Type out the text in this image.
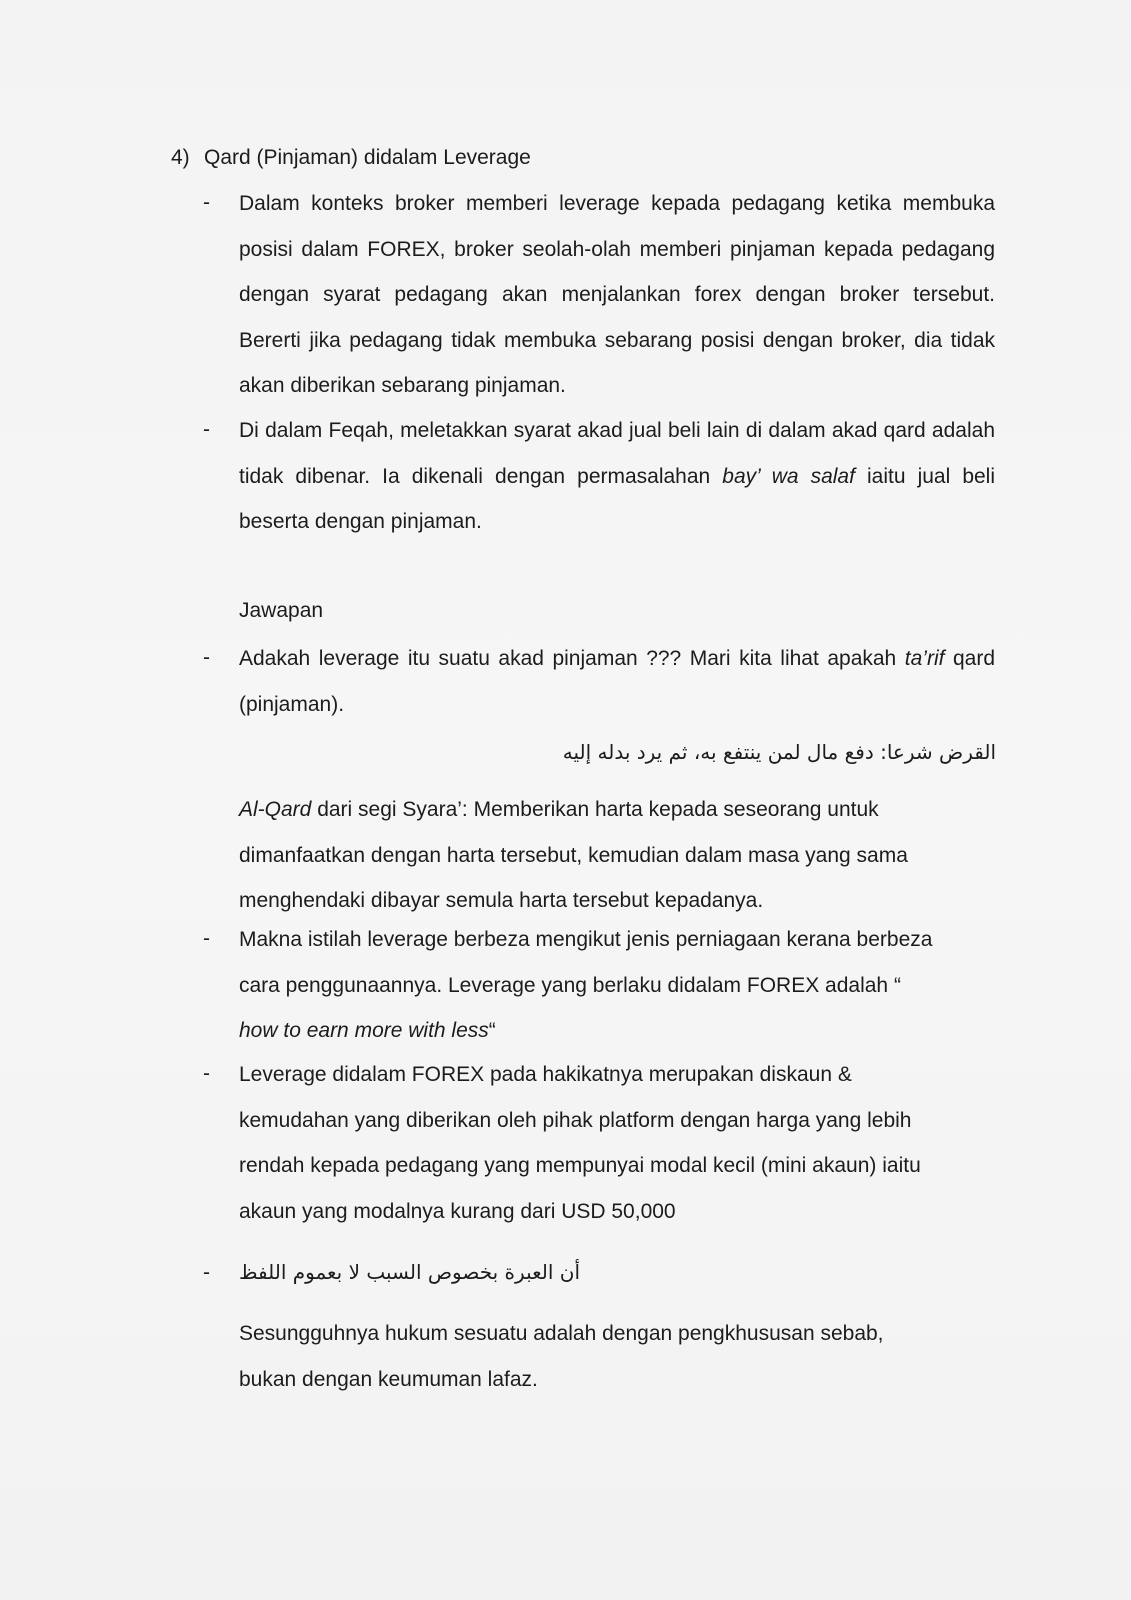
4) Qard (Pinjaman) didalam Leverage
- Dalam konteks broker memberi leverage kepada pedagang ketika membuka posisi dalam FOREX, broker seolah-olah memberi pinjaman kepada pedagang dengan syarat pedagang akan menjalankan forex dengan broker tersebut. Bererti jika pedagang tidak membuka sebarang posisi dengan broker, dia tidak akan diberikan sebarang pinjaman.

- Di dalam Feqah, meletakkan syarat akad jual beli lain di dalam akad qard adalah tidak dibenar. Ia dikenali dengan permasalahan bay’ wa salaf iaitu jual beli beserta dengan pinjaman.

Jawapan
- Adakah leverage itu suatu akad pinjaman ??? Mari kita lihat apakah ta’rif qard (pinjaman).

القرض شرعا: دفع مال لمن ينتفع به، ثم يرد بدله إليه

Al-Qard dari segi Syara’: Memberikan harta kepada seseorang untuk dimanfaatkan dengan harta tersebut, kemudian dalam masa yang sama menghendaki dibayar semula harta tersebut kepadanya.

- Makna istilah leverage berbeza mengikut jenis perniagaan kerana berbeza
cara penggunaannya. Leverage yang berlaku didalam FOREX adalah “
how to earn more with less“
- Leverage didalam FOREX pada hakikatnya merupakan diskaun &
kemudahan yang diberikan oleh pihak platform dengan harga yang lebih
rendah kepada pedagang yang mempunyai modal kecil (mini akaun) iaitu
akaun yang modalnya kurang dari USD 50,000
- أن العبرة بخصوص السبب لا بعموم اللفظ
Sesungguhnya hukum sesuatu adalah dengan pengkhususan sebab,
bukan dengan keumuman lafaz.
